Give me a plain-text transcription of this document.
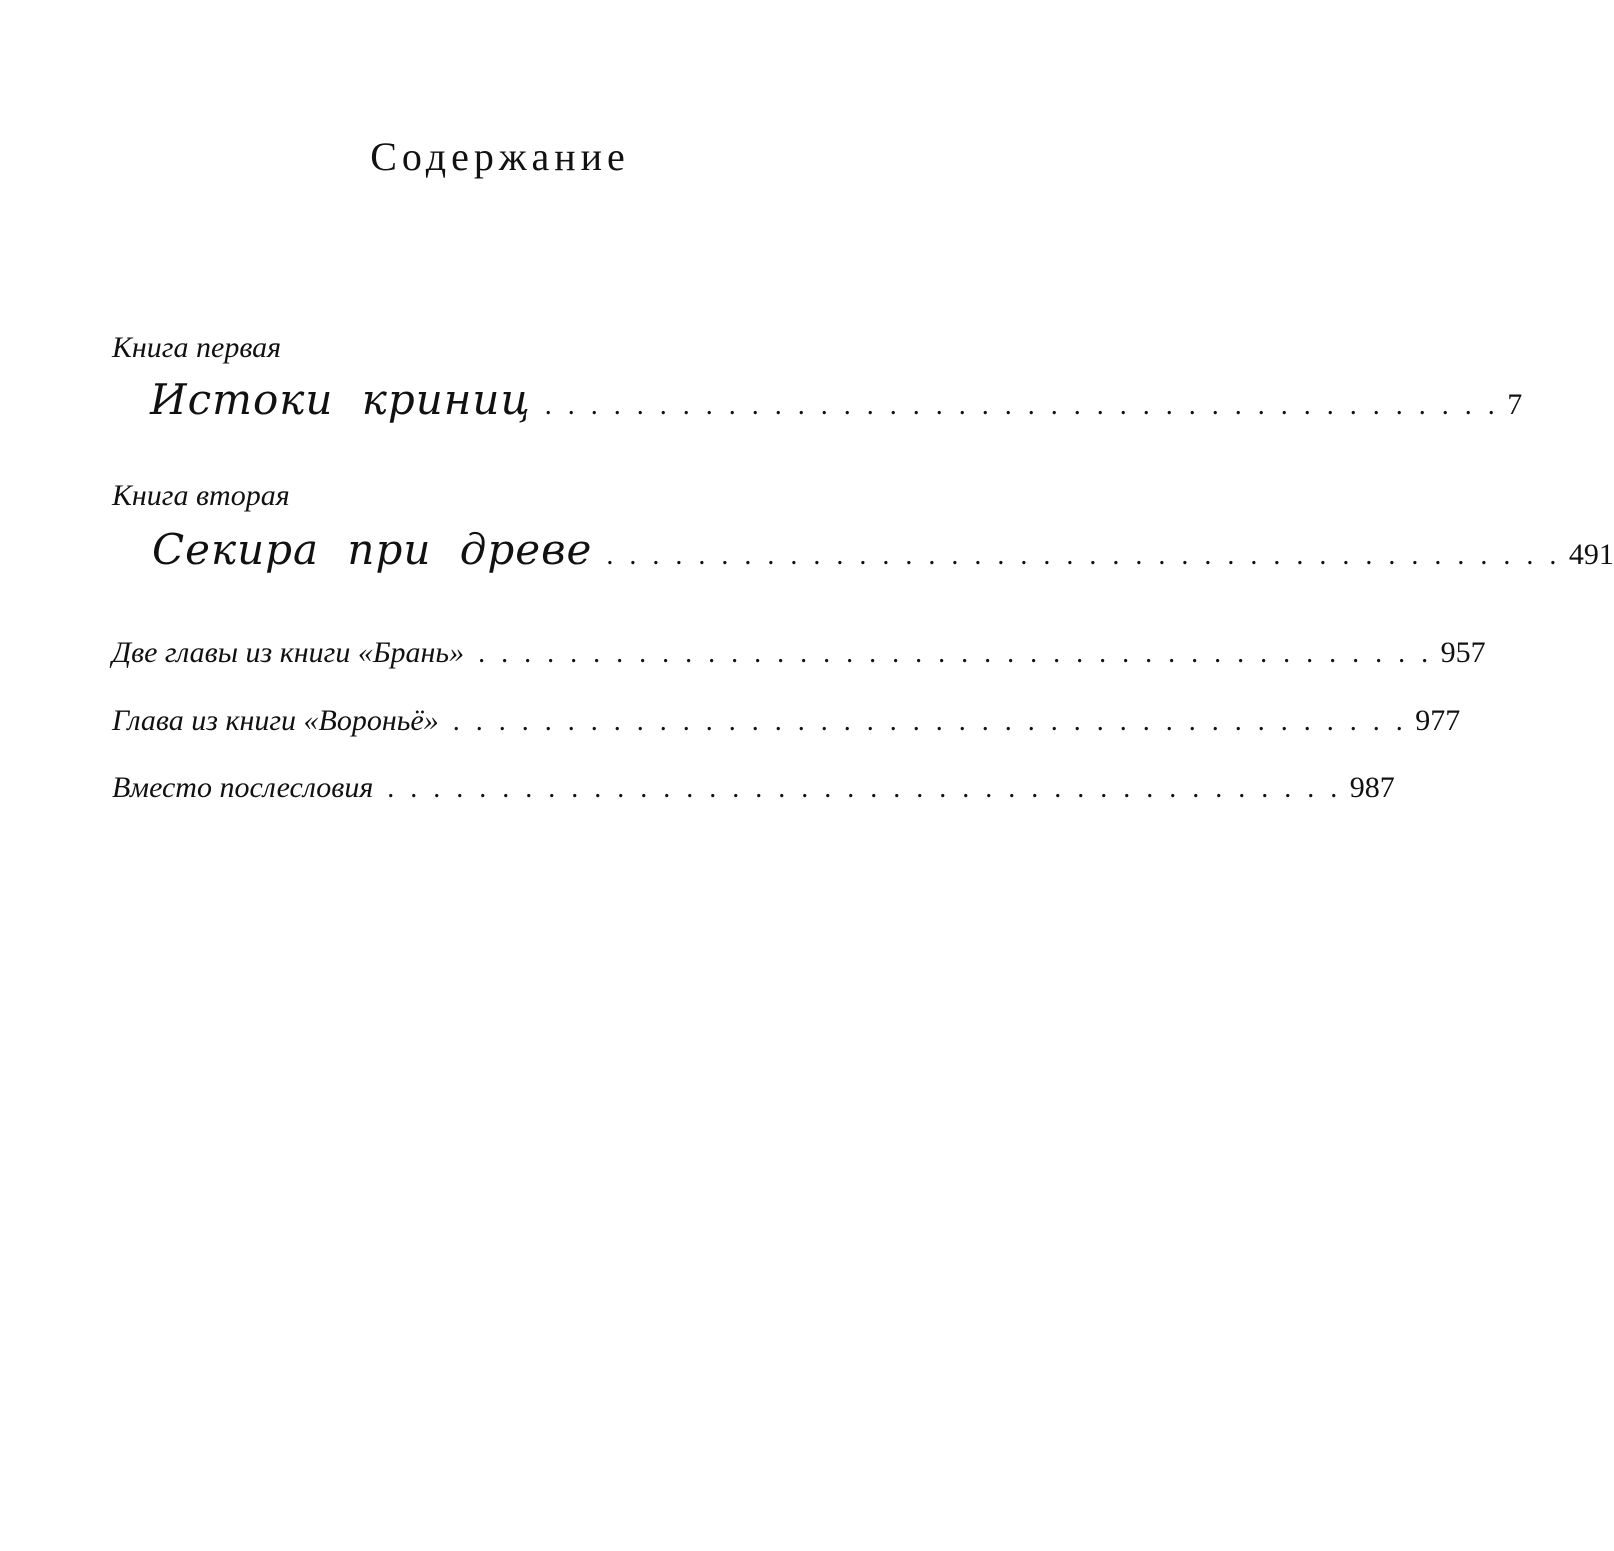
Содержание
Книга первая
Истоки криниц . . . . . . . . . . . . . . . . . . . . . . . . . . . . . . . . . . . . . . . . . . 7
Книга вторая
Секира при древе . . . . . . . . . . . . . . . . . . . . . . . . . . . . . . . . . . . . . . . . . . 491
Две главы из книги «Брань» . . . . . . . . . . . . . . . . . . . . . . . . . . . . . . . . . . . . . . . . . . 957
Глава из книги «Вороньё» . . . . . . . . . . . . . . . . . . . . . . . . . . . . . . . . . . . . . . . . . . 977
Вместо послесловия . . . . . . . . . . . . . . . . . . . . . . . . . . . . . . . . . . . . . . . . . . 987
